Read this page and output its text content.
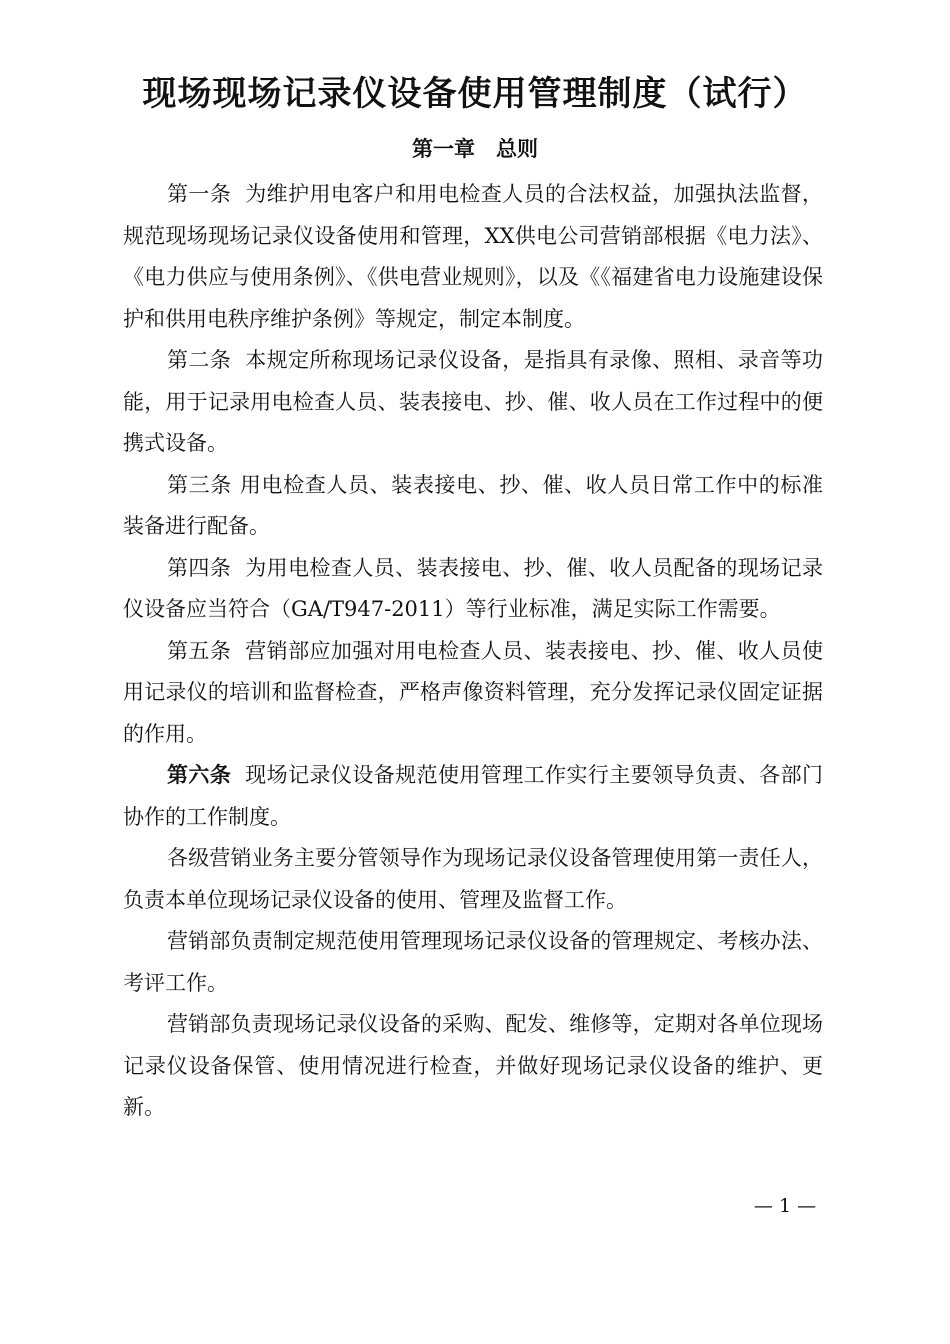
现场现场记录仪设备使用管理制度（试行）
第一章　总则

第一条 为维护用电客户和用电检查人员的合法权益，加强执法监督，规范现场现场记录仪设备使用和管理，XX供电公司营销部根据《电力法》、《电力供应与使用条例》、《供电营业规则》，以及《《福建省电力设施建设保护和供用电秩序维护条例》等规定，制定本制度。

第二条 本规定所称现场记录仪设备，是指具有录像、照相、录音等功能，用于记录用电检查人员、装表接电、抄、催、收人员在工作过程中的便携式设备。

第三条 用电检查人员、装表接电、抄、催、收人员日常工作中的标准装备进行配备。

第四条 为用电检查人员、装表接电、抄、催、收人员配备的现场记录仪设备应当符合（GA/T947-2011）等行业标准，满足实际工作需要。

第五条 营销部应加强对用电检查人员、装表接电、抄、催、收人员使用记录仪的培训和监督检查，严格声像资料管理，充分发挥记录仪固定证据的作用。

第六条 现场记录仪设备规范使用管理工作实行主要领导负责、各部门协作的工作制度。

各级营销业务主要分管领导作为现场记录仪设备管理使用第一责任人，负责本单位现场记录仪设备的使用、管理及监督工作。

营销部负责制定规范使用管理现场记录仪设备的管理规定、考核办法、考评工作。

营销部负责现场记录仪设备的采购、配发、维修等，定期对各单位现场记录仪设备保管、使用情况进行检查，并做好现场记录仪设备的维护、更新。

— 1 —
